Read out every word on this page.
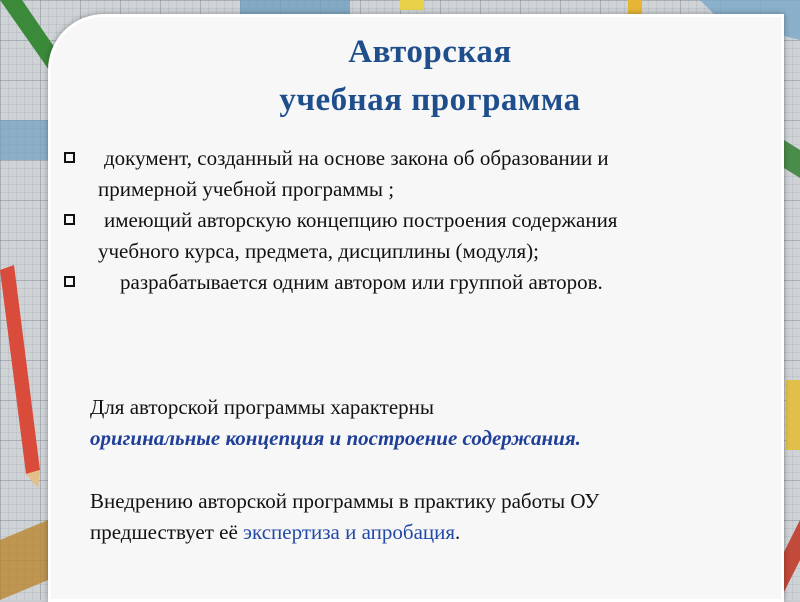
Авторская
учебная программа
документ, созданный на основе закона об образовании и
примерной учебной программы ;
имеющий авторскую концепцию построения содержания
учебного курса, предмета, дисциплины (модуля);
разрабатывается одним автором или группой авторов.
Для авторской программы характерны
оригинальные концепция и построение содержания.
Внедрению авторской программы в практику работы ОУ
предшествует её экспертиза и апробация.
